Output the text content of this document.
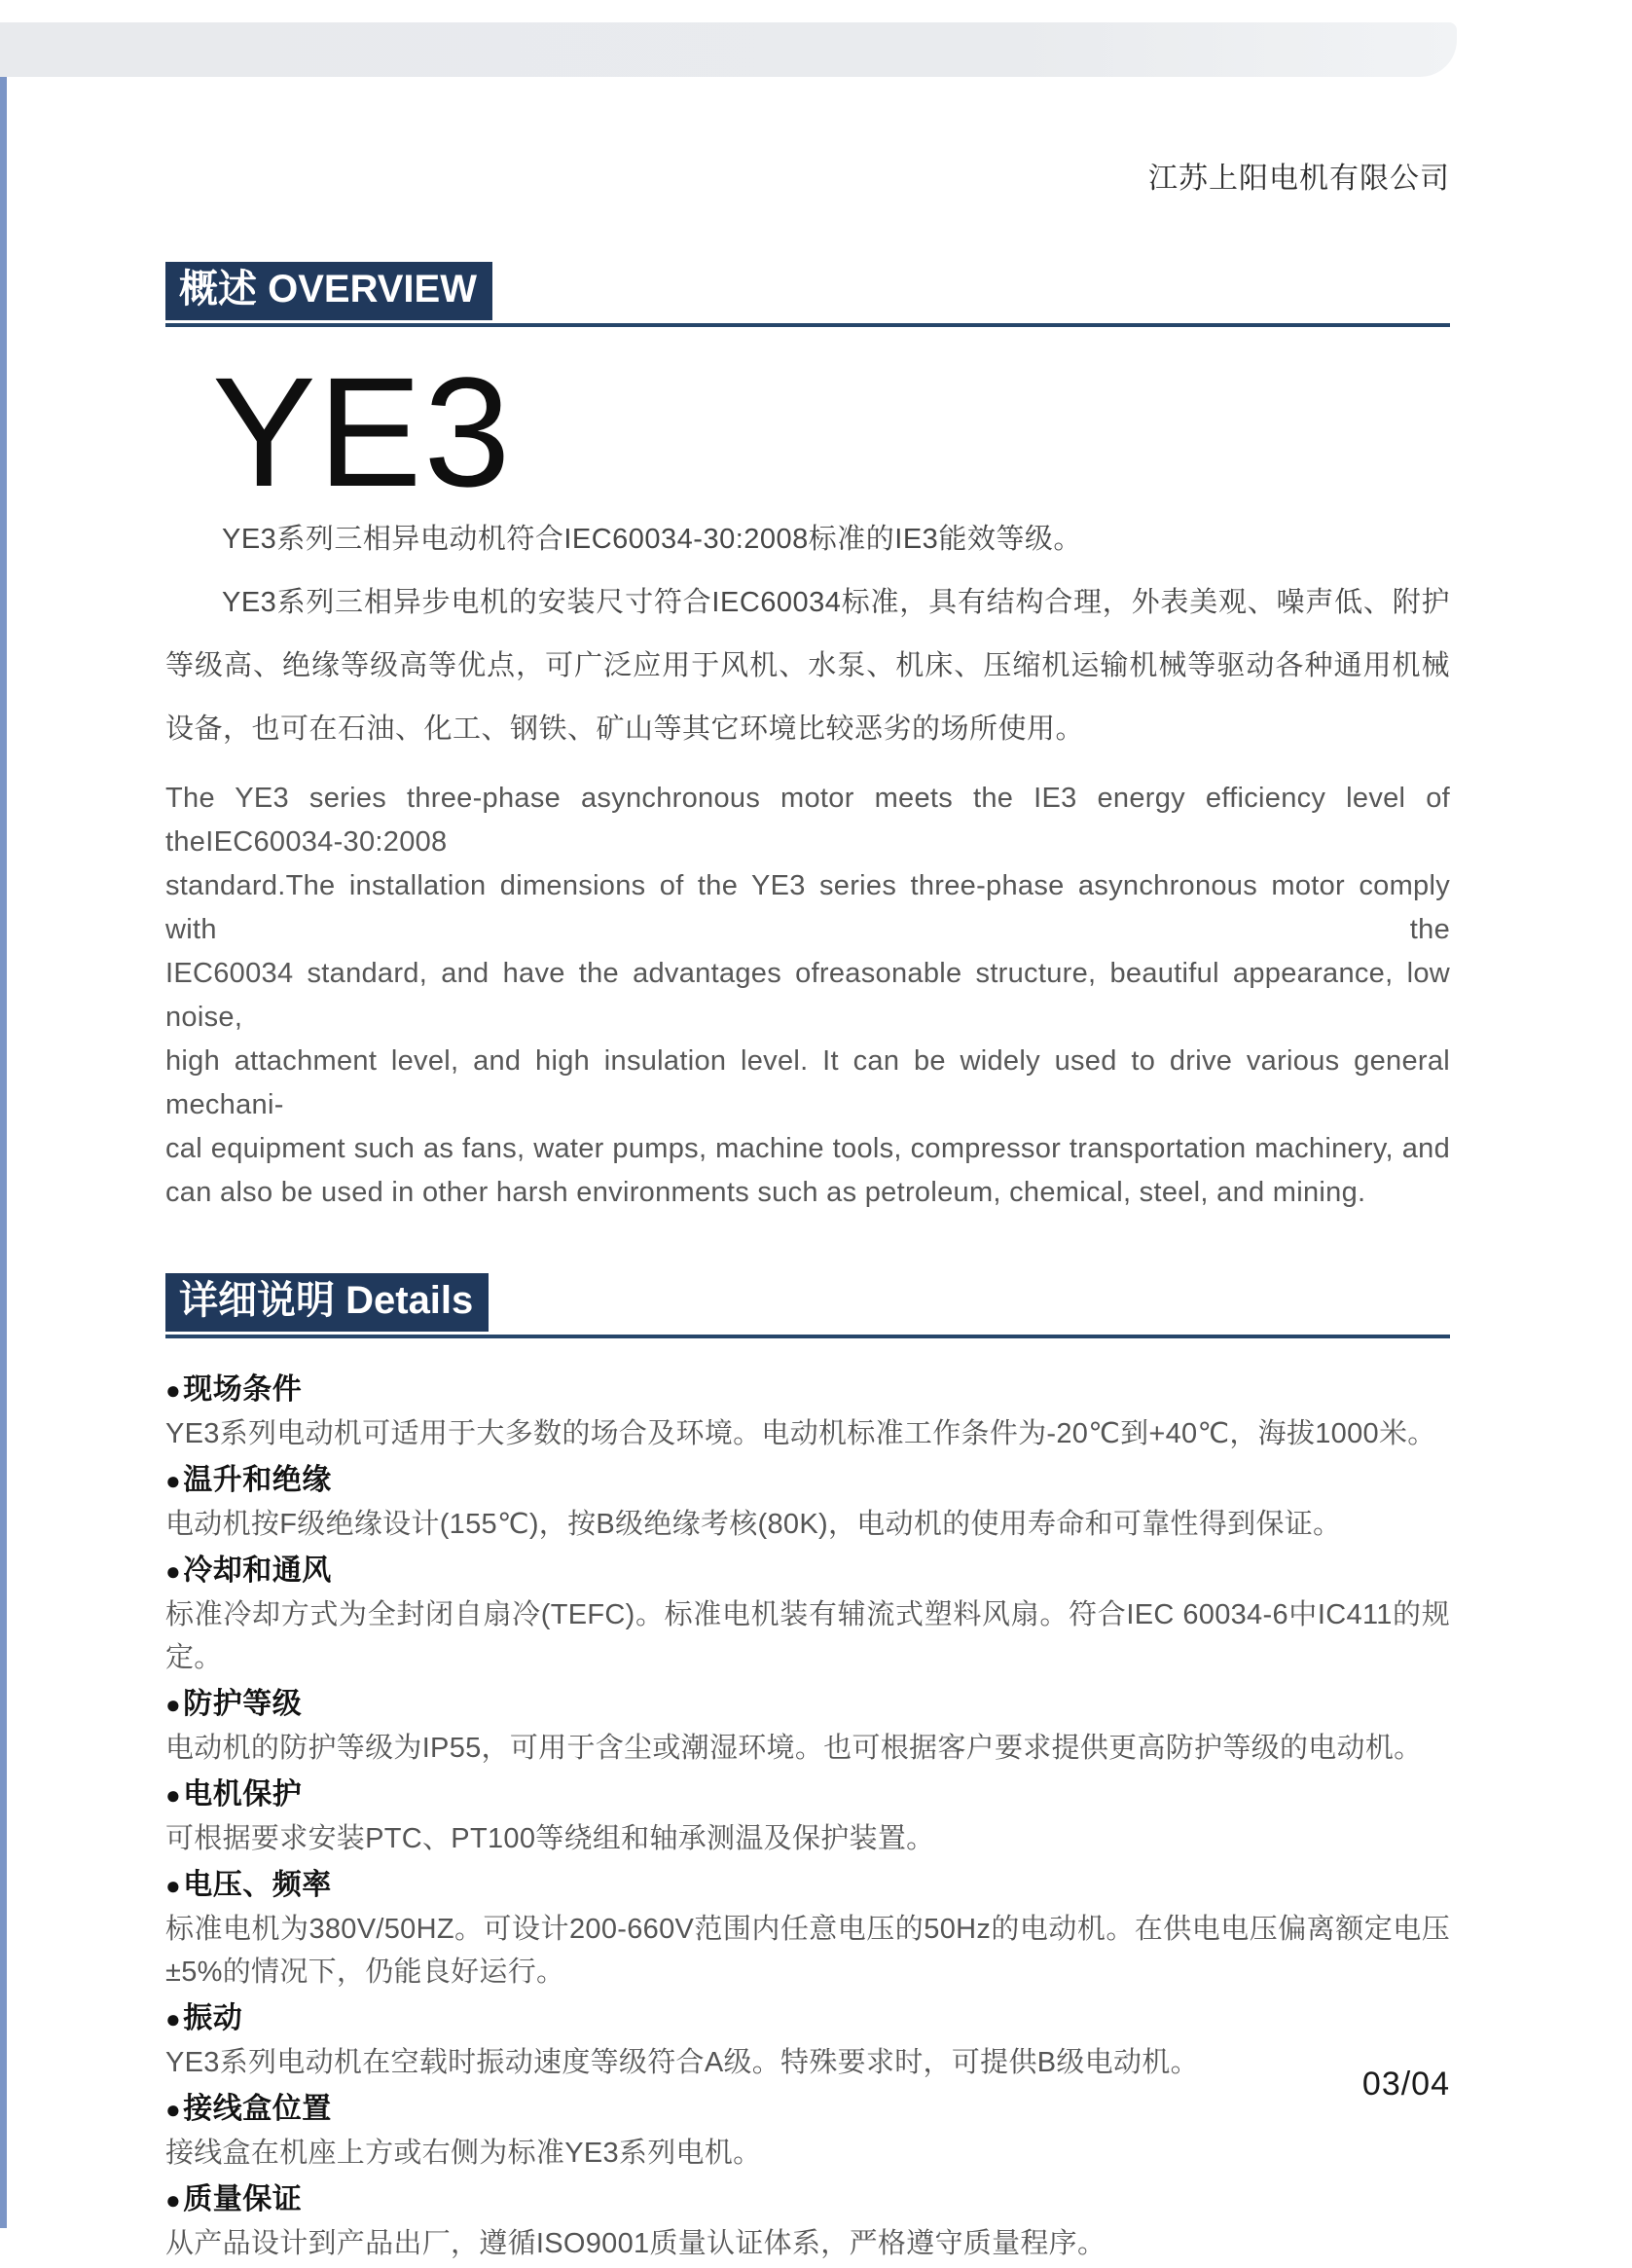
江苏上阳电机有限公司
概述 OVERVIEW
YE3

YE3系列三相异电动机符合IEC60034-30:2008标准的IE3能效等级。

YE3系列三相异步电机的安装尺寸符合IEC60034标准，具有结构合理，外表美观、噪声低、附护等级高、绝缘等级高等优点，可广泛应用于风机、水泵、机床、压缩机运输机械等驱动各种通用机械设备，也可在石油、化工、钢铁、矿山等其它环境比较恶劣的场所使用。

The YE3 series three-phase asynchronous motor meets the IE3 energy efficiency level of theIEC60034-30:2008
standard.The installation dimensions of the YE3 series three-phase asynchronous motor comply with the
IEC60034 standard, and have the advantages ofreasonable structure, beautiful appearance, low noise,
high attachment level, and high insulation level. It can be widely used to drive various general mechani-
cal equipment such as fans, water pumps, machine tools, compressor transportation machinery, and
can also be used in other harsh environments such as petroleum, chemical, steel, and mining.
详细说明 Details
●现场条件

YE3系列电动机可适用于大多数的场合及环境。电动机标准工作条件为-20℃到+40℃，海拔1000米。

●温升和绝缘

电动机按F级绝缘设计(155℃)，按B级绝缘考核(80K)，电动机的使用寿命和可靠性得到保证。

●冷却和通风

标准冷却方式为全封闭自扇冷(TEFC)。标准电机装有辅流式塑料风扇。符合IEC 60034-6中IC411的规定。

●防护等级

电动机的防护等级为IP55，可用于含尘或潮湿环境。也可根据客户要求提供更高防护等级的电动机。

●电机保护

可根据要求安装PTC、PT100等绕组和轴承测温及保护装置。

●电压、频率

标准电机为380V/50HZ。可设计200-660V范围内任意电压的50Hz的电动机。在供电电压偏离额定电压±5%的情况下，仍能良好运行。

●振动

YE3系列电动机在空载时振动速度等级符合A级。特殊要求时，可提供B级电动机。

●接线盒位置

接线盒在机座上方或右侧为标准YE3系列电机。

●质量保证

从产品设计到产品出厂，遵循ISO9001质量认证体系，严格遵守质量程序。

03/04
